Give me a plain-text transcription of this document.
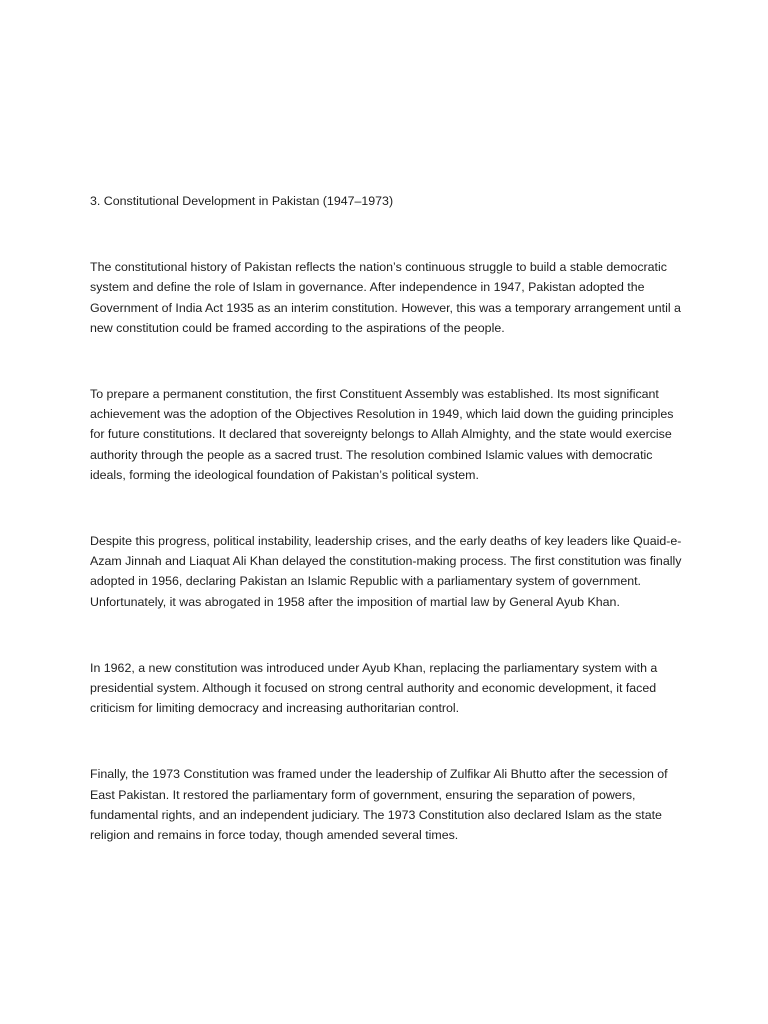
3. Constitutional Development in Pakistan (1947–1973)

The constitutional history of Pakistan reflects the nation’s continuous struggle to build a stable democratic system and define the role of Islam in governance. After independence in 1947, Pakistan adopted the Government of India Act 1935 as an interim constitution. However, this was a temporary arrangement until a new constitution could be framed according to the aspirations of the people.

To prepare a permanent constitution, the first Constituent Assembly was established. Its most significant achievement was the adoption of the Objectives Resolution in 1949, which laid down the guiding principles for future constitutions. It declared that sovereignty belongs to Allah Almighty, and the state would exercise authority through the people as a sacred trust. The resolution combined Islamic values with democratic ideals, forming the ideological foundation of Pakistan’s political system.

Despite this progress, political instability, leadership crises, and the early deaths of key leaders like Quaid-e-Azam Jinnah and Liaquat Ali Khan delayed the constitution-making process. The first constitution was finally adopted in 1956, declaring Pakistan an Islamic Republic with a parliamentary system of government. Unfortunately, it was abrogated in 1958 after the imposition of martial law by General Ayub Khan.

In 1962, a new constitution was introduced under Ayub Khan, replacing the parliamentary system with a presidential system. Although it focused on strong central authority and economic development, it faced criticism for limiting democracy and increasing authoritarian control.

Finally, the 1973 Constitution was framed under the leadership of Zulfikar Ali Bhutto after the secession of East Pakistan. It restored the parliamentary form of government, ensuring the separation of powers, fundamental rights, and an independent judiciary. The 1973 Constitution also declared Islam as the state religion and remains in force today, though amended several times.
